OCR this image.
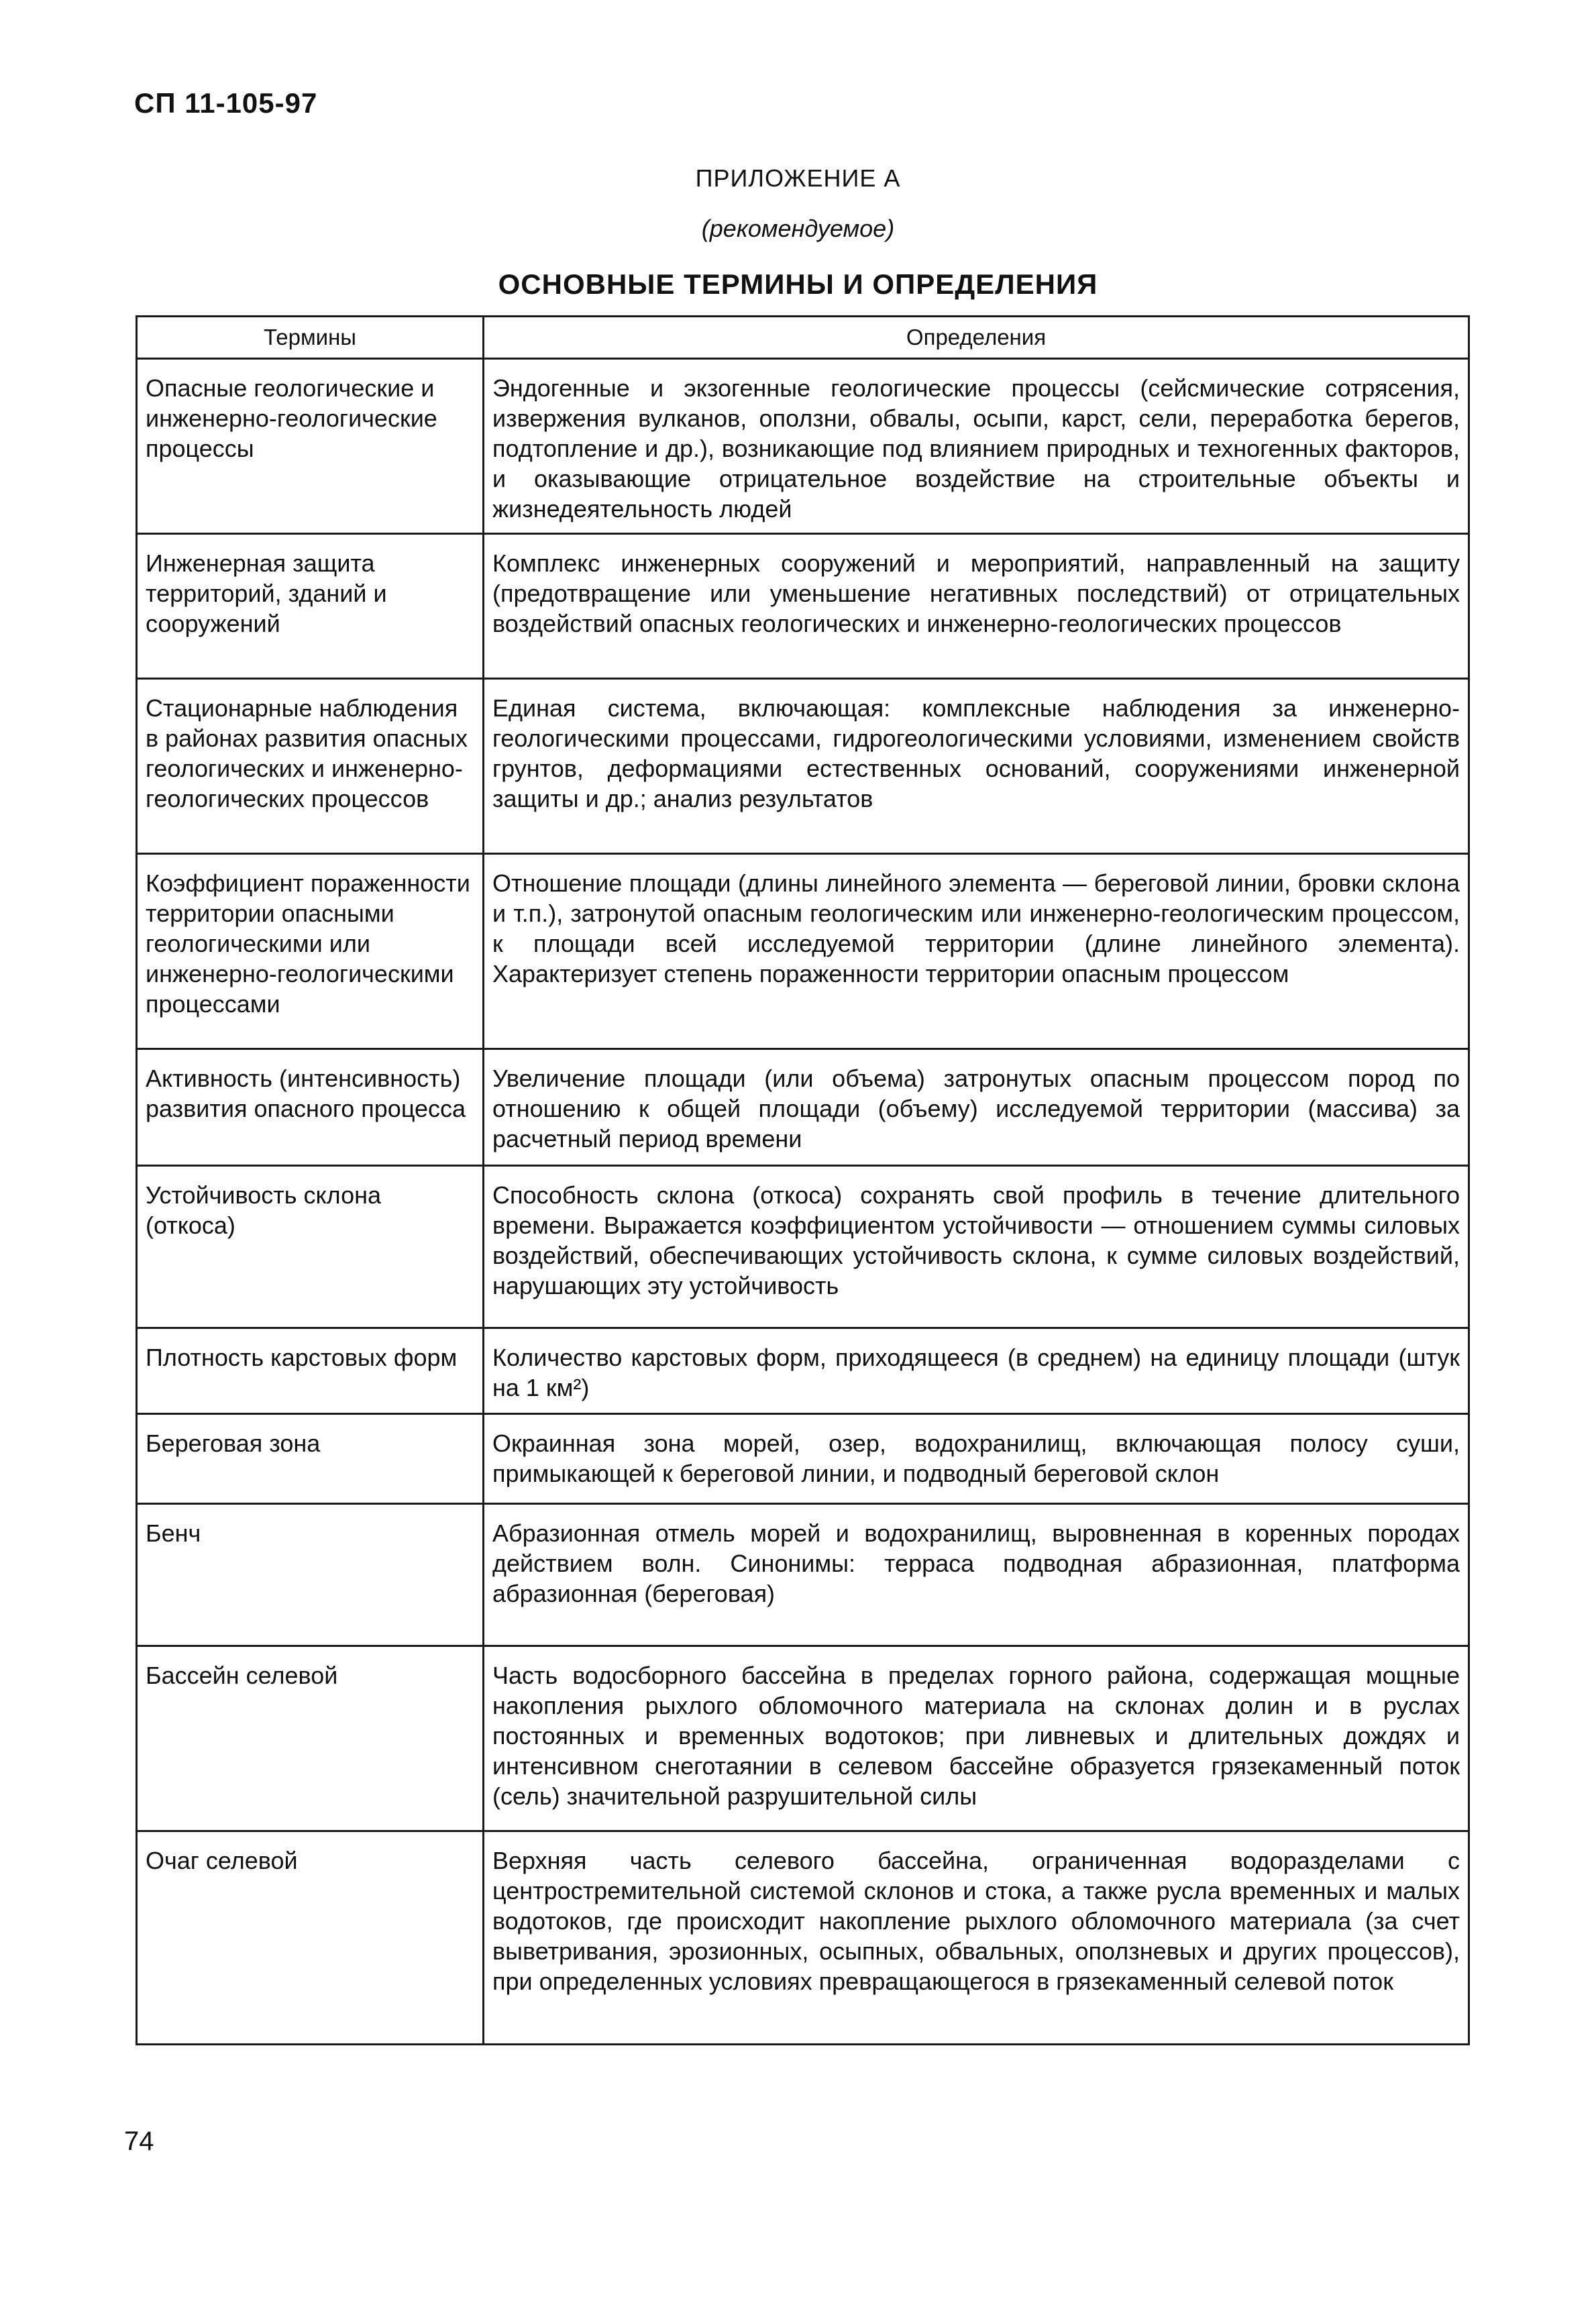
СП 11-105-97
ПРИЛОЖЕНИЕ А
(рекомендуемое)
ОСНОВНЫЕ ТЕРМИНЫ И ОПРЕДЕЛЕНИЯ
Термины	Определения
Опасные геологические и инженерно-геологические процессы	Эндогенные и экзогенные геологические процессы (сейсмические сотрясения, извержения вулканов, оползни, обвалы, осыпи, карст, сели, переработка берегов, подтопление и др.), возникающие под влиянием природных и техногенных факторов, и оказывающие отрицательное воздействие на строительные объекты и жизнедеятельность людей
Инженерная защита территорий, зданий и сооружений	Комплекс инженерных сооружений и мероприятий, направленный на защиту (предотвращение или уменьшение негативных последствий) от отрицательных воздействий опасных геологических и инженерно-геологических процессов
Стационарные наблюдения в районах развития опасных геологических и инженерно-геологических процессов	Единая система, включающая: комплексные наблюдения за инженерно-геологическими процессами, гидрогеологическими условиями, изменением свойств грунтов, деформациями естественных оснований, сооружениями инженерной защиты и др.; анализ результатов
Коэффициент пораженности территории опасными геологическими или инженерно-геологическими процессами	Отношение площади (длины линейного элемента — береговой линии, бровки склона и т.п.), затронутой опасным геологическим или инженерно-геологическим процессом, к площади всей исследуемой территории (длине линейного элемента). Характеризует степень пораженности территории опасным процессом
Активность (интенсивность) развития опасного процесса	Увеличение площади (или объема) затронутых опасным процессом пород по отношению к общей площади (объему) исследуемой территории (массива) за расчетный период времени
Устойчивость склона (откоса)	Способность склона (откоса) сохранять свой профиль в течение длительного времени. Выражается коэффициентом устойчивости — отношением суммы силовых воздействий, обеспечивающих устойчивость склона, к сумме силовых воздействий, нарушающих эту устойчивость
Плотность карстовых форм	Количество карстовых форм, приходящееся (в среднем) на единицу площади (штук на 1 км²)
Береговая зона	Окраинная зона морей, озер, водохранилищ, включающая полосу суши, примыкающей к береговой линии, и подводный береговой склон
Бенч	Абразионная отмель морей и водохранилищ, выровненная в коренных породах действием волн. Синонимы: терраса подводная абразионная, платформа абразионная (береговая)
Бассейн селевой	Часть водосборного бассейна в пределах горного района, содержащая мощные накопления рыхлого обломочного материала на склонах долин и в руслах постоянных и временных водотоков; при ливневых и длительных дождях и интенсивном снеготаянии в селевом бассейне образуется грязекаменный поток (сель) значительной разрушительной силы
Очаг селевой	Верхняя часть селевого бассейна, ограниченная водоразделами с центростремительной системой склонов и стока, а также русла временных и малых водотоков, где происходит накопление рыхлого обломочного материала (за счет выветривания, эрозионных, осыпных, обвальных, оползневых и других процессов), при определенных условиях превращающегося в грязекаменный селевой поток
74
